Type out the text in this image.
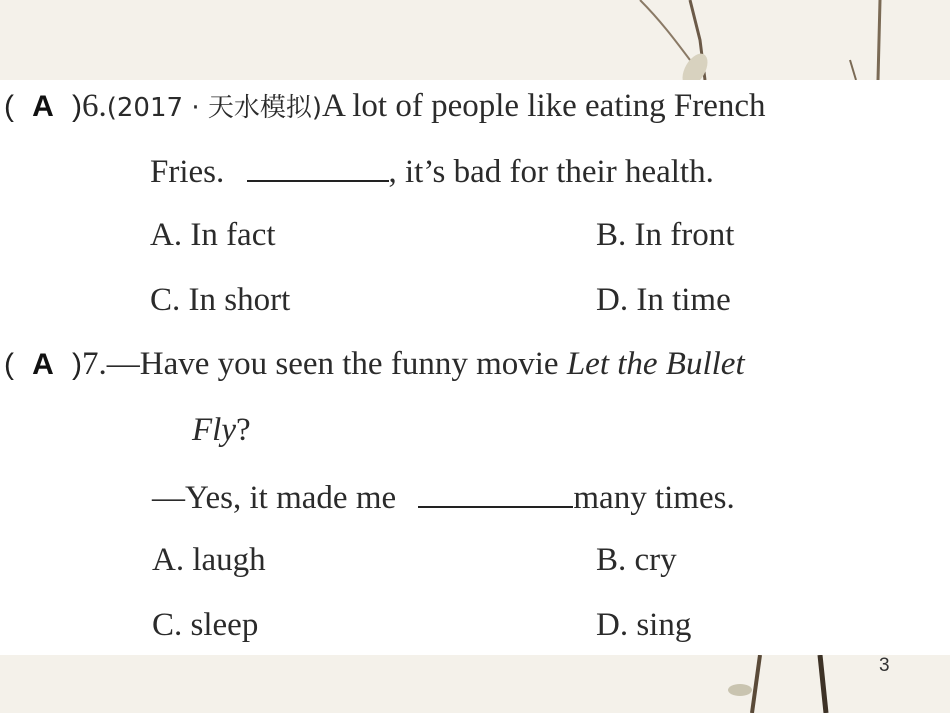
( A )6.(2017 · 天水模拟)A lot of people like eating French
Fries.	, it’s bad for their health.
A. In fact	B. In front
C. In short	D. In time
( A )7.—Have you seen the funny movie Let the Bullet
Fly?
—Yes, it made me	many times.
A. laugh	B. cry
C. sleep	D. sing
3
